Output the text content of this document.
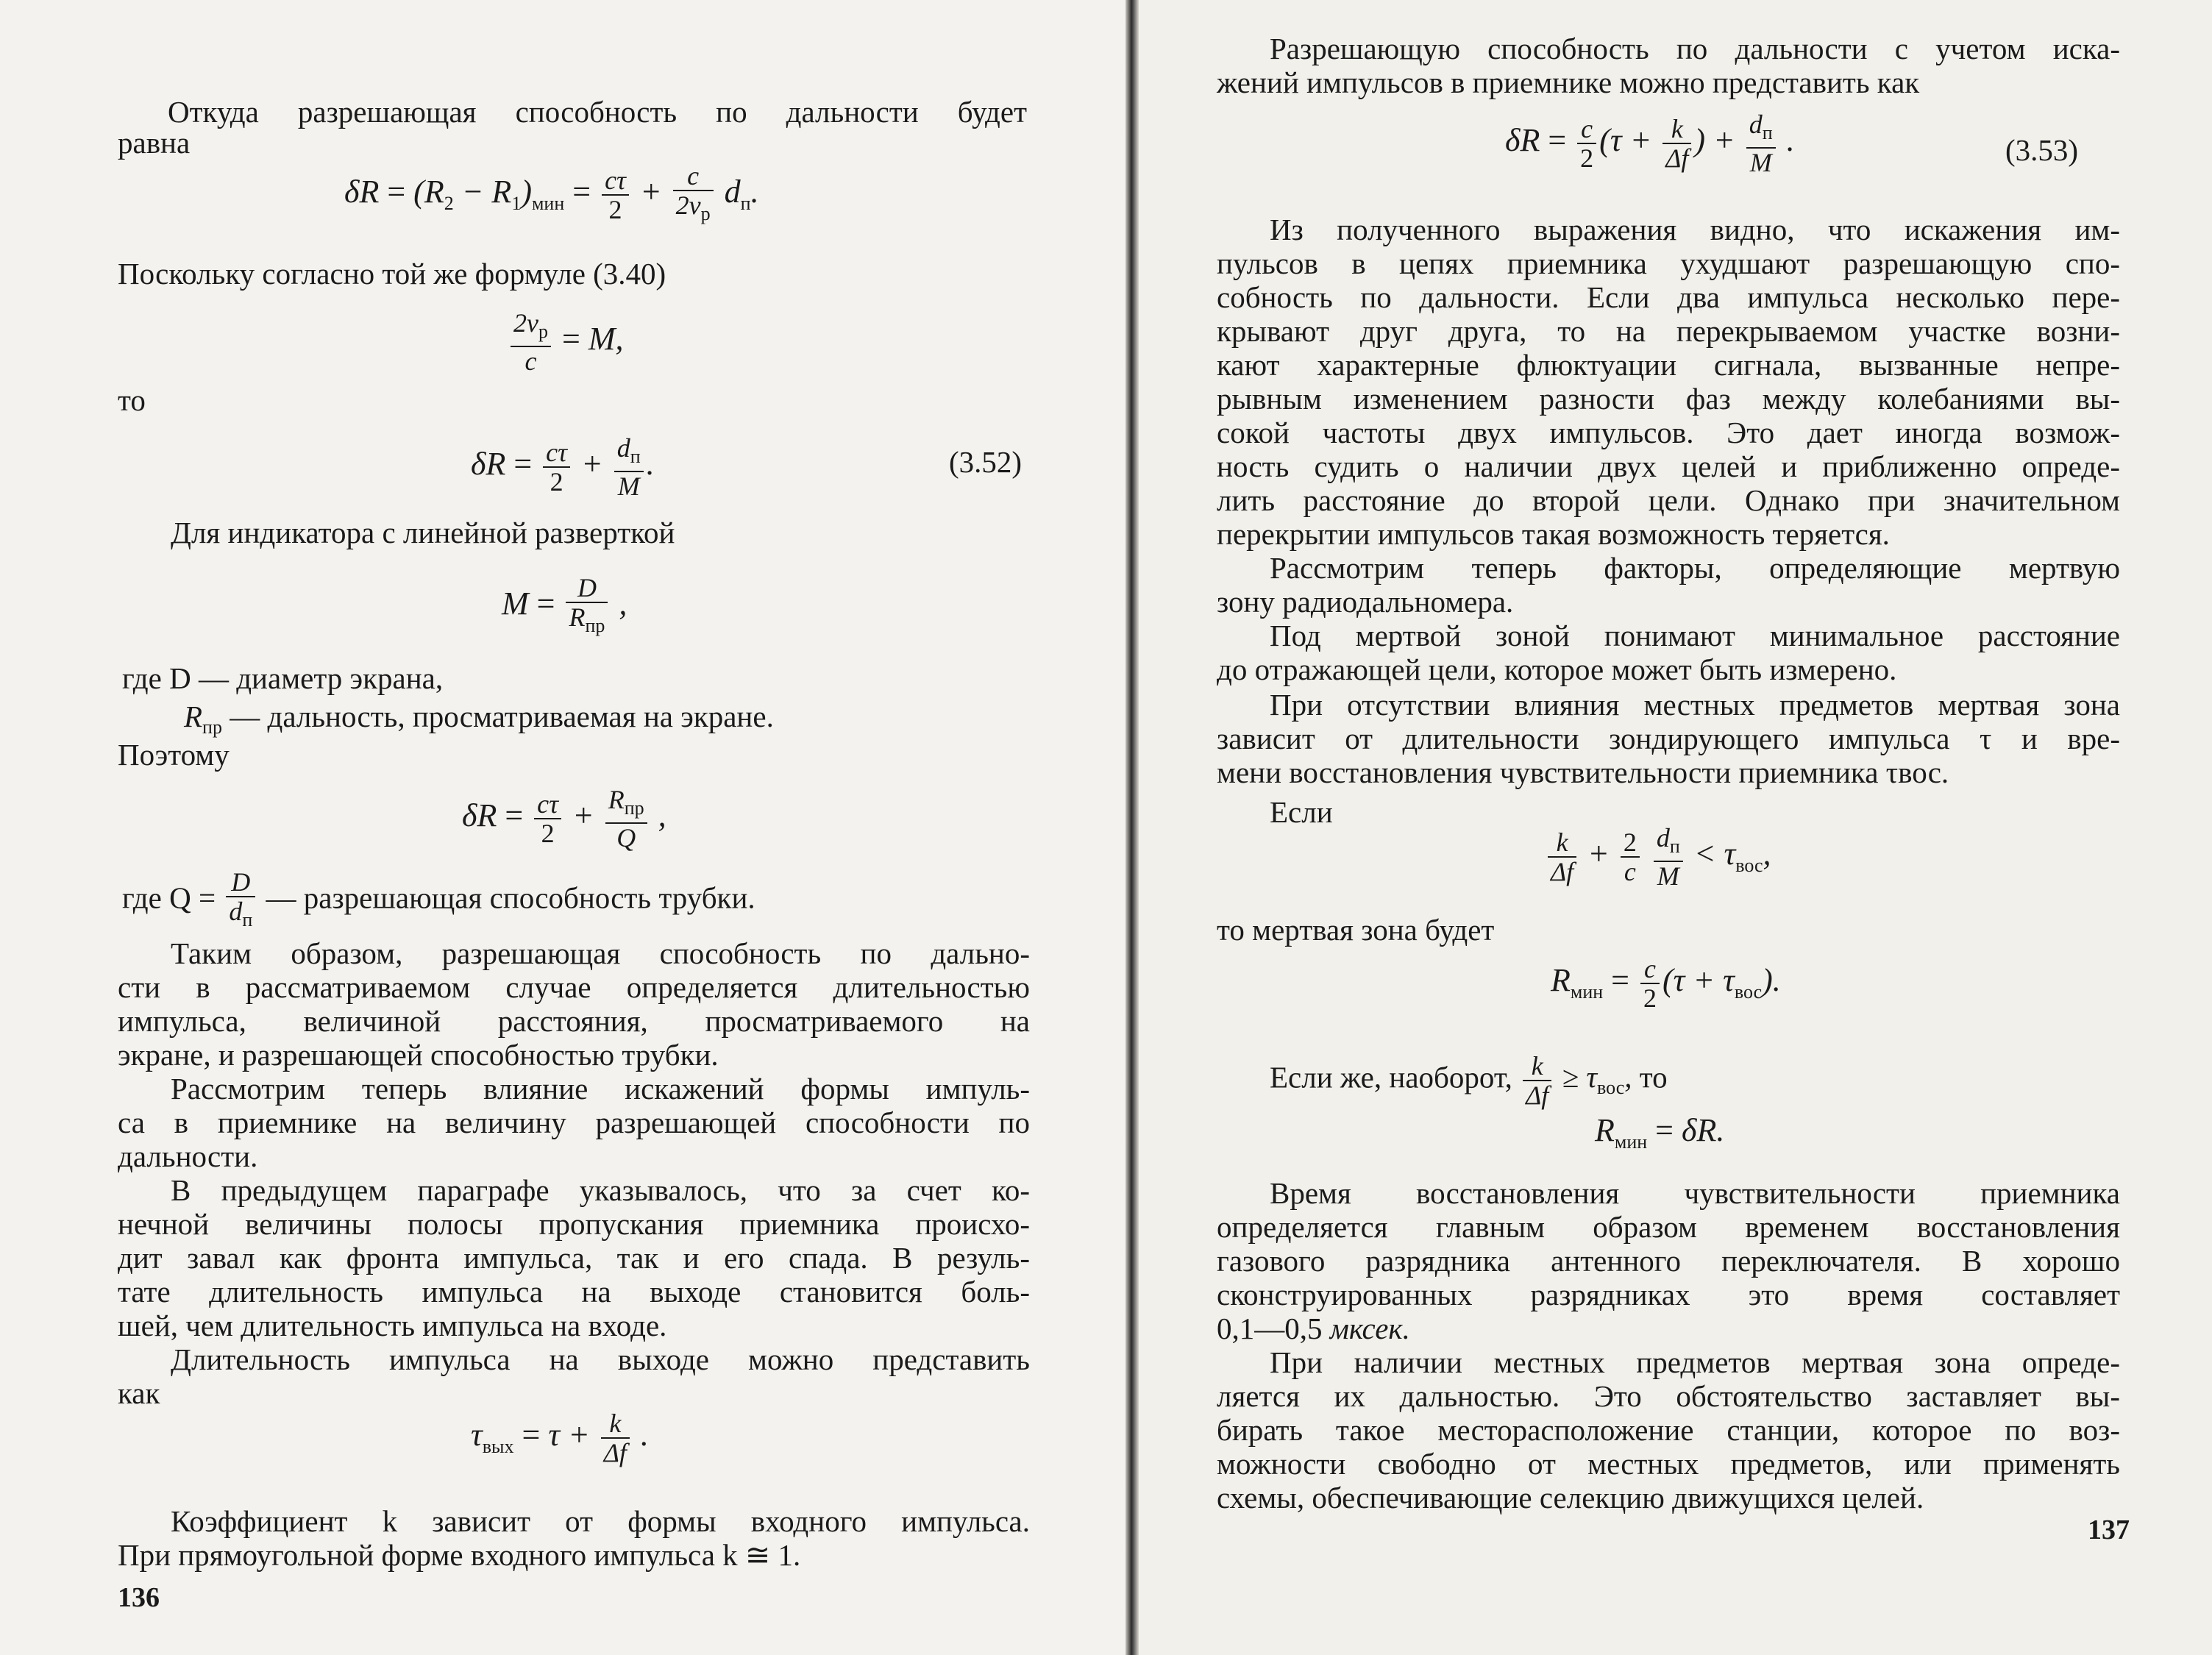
Откуда разрешающая способность по дальности будет
равна
$\delta R = (R_2 - R_1)_{мин} = \frac{c\tau}{2} + \frac{c}{2v_р} d_п$.
Поскольку согласно той же формуле (3.40)
$\frac{2v_р}{c} = M$,
то
$\delta R = \frac{c\tau}{2} + \frac{d_п}{M}$ .	(3.52)
Для индикатора с линейной разверткой
$M = \frac{D}{R_{пр}}$ ,
где D — диаметр экрана,
$R_{пр}$ — дальность, просматриваемая на экране.
Поэтому
$\delta R = \frac{c\tau}{2} + \frac{R_{пр}}{Q}$ ,
где $Q = \frac{D}{d_п}$ — разрешающая способность трубки.
Таким образом, разрешающая способность по дально-
сти в рассматриваемом случае определяется длительностью
импульса, величиной расстояния, просматриваемого на
экране, и разрешающей способностью трубки.
Рассмотрим теперь влияние искажений формы импуль-
са в приемнике на величину разрешающей способности по
дальности.
В предыдущем параграфе указывалось, что за счет ко-
нечной величины полосы пропускания приемника происхо-
дит завал как фронта импульса, так и его спада. В резуль-
тате длительность импульса на выходе становится боль-
шей, чем длительность импульса на входе.
Длительность импульса на выходе можно представить
как
$\tau_{вых} = \tau + \frac{k}{\Delta f}$ .
Коэффициент k зависит от формы входного импульса.
При прямоугольной форме входного импульса k ≅ 1.
136
Разрешающую способность по дальности с учетом иска-
жений импульсов в приемнике можно представить как
$\delta R = \frac{c}{2} (\tau + \frac{k}{\Delta f}$ ) + $\frac{d_п}{M}$ .	(3.53)
Из полученного выражения видно, что искажения им-
пульсов в цепях приемника ухудшают разрешающую спо-
собность по дальности. Если два импульса несколько пере-
крывают друг друга, то на перекрываемом участке возни-
кают характерные флюктуации сигнала, вызванные непре-
рывным изменением разности фаз между колебаниями вы-
сокой частоты двух импульсов. Это дает иногда возмож-
ность судить о наличии двух целей и приближенно опреде-
лить расстояние до второй цели. Однако при значительном
перекрытии импульсов такая возможность теряется.
Рассмотрим теперь факторы, определяющие мертвую
зону радиодальномера.
Под мертвой зоной понимают минимальное расстояние
до отражающей цели, которое может быть измерено.
При отсутствии влияния местных предметов мертвая зона
зависит от длительности зондирующего импульса τ и вре-
мени восстановления чувствительности приемника τвос.
Если
$\frac{k}{\Delta f} + \frac{2}{c}$
$\frac{d_п}{M} < \tau_{вос}$,
то мертвая зона будет
$R_{мин} = \frac{c}{2} (\tau + \tau_{вос})$.
Если же, наоборот, $\frac{k}{\Delta f} \ge \tau_{вос}$, то
$R_{мин} = \delta R$.
Время восстановления чувствительности приемника
определяется главным образом временем восстановления
газового разрядника антенного переключателя. В хорошо
сконструированных разрядниках это время составляет
0,1—0,5 мксек.
При наличии местных предметов мертвая зона опреде-
ляется их дальностью. Это обстоятельство заставляет вы-
бирать такое месторасположение станции, которое по воз-
можности свободно от местных предметов, или применять
схемы, обеспечивающие селекцию движущихся целей.
137
